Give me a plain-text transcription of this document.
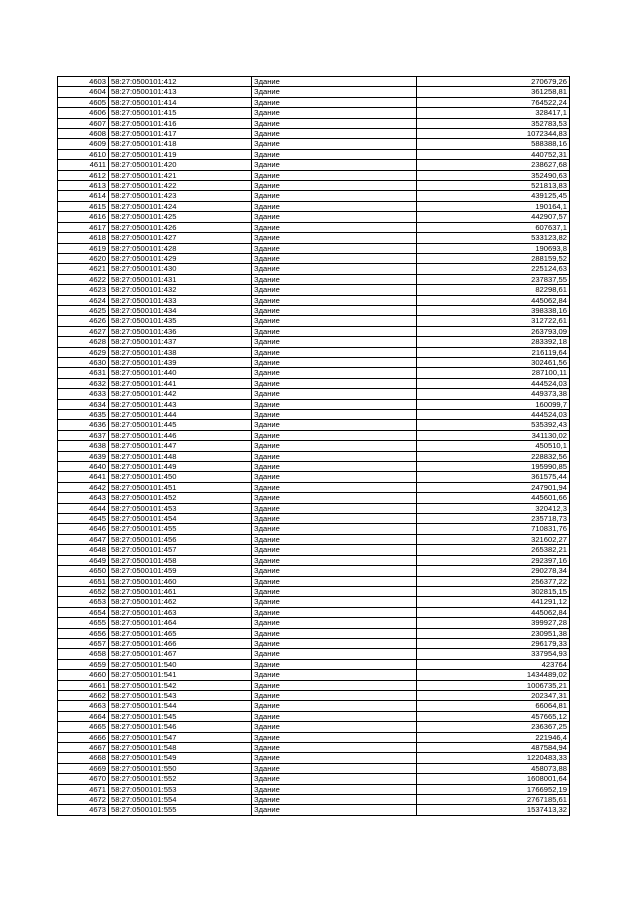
4603	58:27:0500101:412	Здание	270679,26
4604	58:27:0500101:413	Здание	361258,81
4605	58:27:0500101:414	Здание	764522,24
4606	58:27:0500101:415	Здание	328417,1
4607	58:27:0500101:416	Здание	352783,53
4608	58:27:0500101:417	Здание	1072344,83
4609	58:27:0500101:418	Здание	588388,16
4610	58:27:0500101:419	Здание	440752,31
4611	58:27:0500101:420	Здание	238627,68
4612	58:27:0500101:421	Здание	352490,63
4613	58:27:0500101:422	Здание	521813,83
4614	58:27:0500101:423	Здание	439125,45
4615	58:27:0500101:424	Здание	190164,1
4616	58:27:0500101:425	Здание	442907,57
4617	58:27:0500101:426	Здание	607637,1
4618	58:27:0500101:427	Здание	533123,82
4619	58:27:0500101:428	Здание	190693,8
4620	58:27:0500101:429	Здание	288159,52
4621	58:27:0500101:430	Здание	225124,63
4622	58:27:0500101:431	Здание	237837,55
4623	58:27:0500101:432	Здание	82298,61
4624	58:27:0500101:433	Здание	445062,84
4625	58:27:0500101:434	Здание	398338,16
4626	58:27:0500101:435	Здание	312722,61
4627	58:27:0500101:436	Здание	263793,09
4628	58:27:0500101:437	Здание	283392,18
4629	58:27:0500101:438	Здание	216119,64
4630	58:27:0500101:439	Здание	302461,56
4631	58:27:0500101:440	Здание	287100,11
4632	58:27:0500101:441	Здание	444524,03
4633	58:27:0500101:442	Здание	449373,38
4634	58:27:0500101:443	Здание	160099,7
4635	58:27:0500101:444	Здание	444524,03
4636	58:27:0500101:445	Здание	535392,43
4637	58:27:0500101:446	Здание	341130,02
4638	58:27:0500101:447	Здание	450510,1
4639	58:27:0500101:448	Здание	228832,56
4640	58:27:0500101:449	Здание	195990,85
4641	58:27:0500101:450	Здание	361575,44
4642	58:27:0500101:451	Здание	247901,94
4643	58:27:0500101:452	Здание	445601,66
4644	58:27:0500101:453	Здание	320412,3
4645	58:27:0500101:454	Здание	235718,73
4646	58:27:0500101:455	Здание	710831,76
4647	58:27:0500101:456	Здание	321602,27
4648	58:27:0500101:457	Здание	265382,21
4649	58:27:0500101:458	Здание	292397,16
4650	58:27:0500101:459	Здание	290278,34
4651	58:27:0500101:460	Здание	256377,22
4652	58:27:0500101:461	Здание	302815,15
4653	58:27:0500101:462	Здание	441291,12
4654	58:27:0500101:463	Здание	445062,84
4655	58:27:0500101:464	Здание	399927,28
4656	58:27:0500101:465	Здание	230951,38
4657	58:27:0500101:466	Здание	296179,33
4658	58:27:0500101:467	Здание	337954,93
4659	58:27:0500101:540	Здание	423764
4660	58:27:0500101:541	Здание	1434489,02
4661	58:27:0500101:542	Здание	1006735,21
4662	58:27:0500101:543	Здание	202347,31
4663	58:27:0500101:544	Здание	66064,81
4664	58:27:0500101:545	Здание	457665,12
4665	58:27:0500101:546	Здание	236367,25
4666	58:27:0500101:547	Здание	221946,4
4667	58:27:0500101:548	Здание	487584,94
4668	58:27:0500101:549	Здание	1220483,33
4669	58:27:0500101:550	Здание	458073,88
4670	58:27:0500101:552	Здание	1608001,64
4671	58:27:0500101:553	Здание	1766952,19
4672	58:27:0500101:554	Здание	2767185,61
4673	58:27:0500101:555	Здание	1537413,32
